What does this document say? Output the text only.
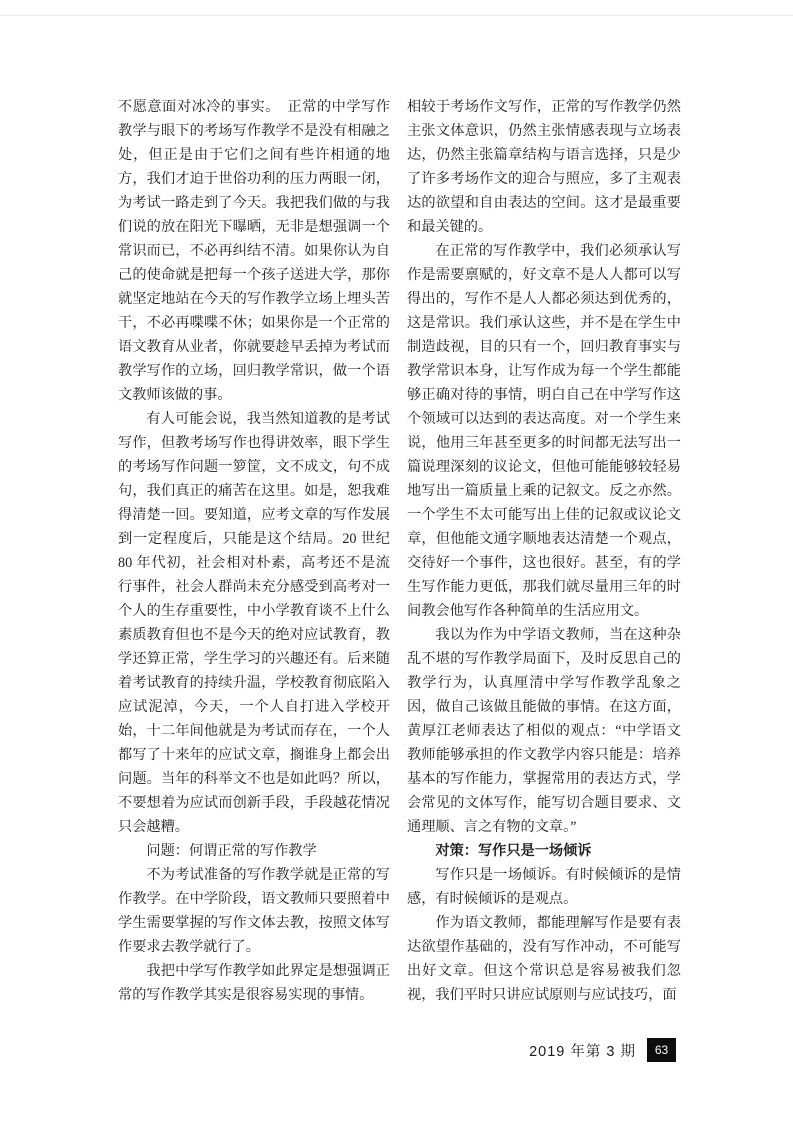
不愿意面对冰冷的事实。　正常的中学写作教学与眼下的考场写作教学不是没有相融之处，但正是由于它们之间有些许相通的地方，我们才迫于世俗功利的压力两眼一闭，为考试一路走到了今天。我把我们做的与我们说的放在阳光下曝晒，无非是想强调一个常识而已，不必再纠结不清。如果你认为自己的使命就是把每一个孩子送进大学，那你就坚定地站在今天的写作教学立场上埋头苦干，不必再喋喋不休；如果你是一个正常的语文教育从业者，你就要趁早丢掉为考试而教学写作的立场，回归教学常识，做一个语文教师该做的事。

有人可能会说，我当然知道教的是考试写作，但教考场写作也得讲效率，眼下学生的考场写作问题一箩筐，文不成文，句不成句，我们真正的痛苦在这里。如是，恕我难得清楚一回。要知道，应考文章的写作发展到一定程度后，只能是这个结局。20 世纪 80 年代初，社会相对朴素，高考还不是流行事件，社会人群尚未充分感受到高考对一个人的生存重要性，中小学教育谈不上什么素质教育但也不是今天的绝对应试教育，教学还算正常，学生学习的兴趣还有。后来随着考试教育的持续升温，学校教育彻底陷入应试泥淖，今天，一个人自打进入学校开始，十二年间他就是为考试而存在，一个人都写了十来年的应试文章，搁谁身上都会出问题。当年的科举文不也是如此吗？所以，不要想着为应试而创新手段，手段越花情况只会越糟。

问题：何谓正常的写作教学

不为考试准备的写作教学就是正常的写作教学。在中学阶段，语文教师只要照着中学生需要掌握的写作文体去教，按照文体写作要求去教学就行了。

我把中学写作教学如此界定是想强调正常的写作教学其实是很容易实现的事情。

相较于考场作文写作，正常的写作教学仍然主张文体意识，仍然主张情感表现与立场表达，仍然主张篇章结构与语言选择，只是少了许多考场作文的迎合与照应，多了主观表达的欲望和自由表达的空间。这才是最重要和最关键的。

在正常的写作教学中，我们必须承认写作是需要禀赋的，好文章不是人人都可以写得出的，写作不是人人都必须达到优秀的，这是常识。我们承认这些，并不是在学生中制造歧视，目的只有一个，回归教育事实与教学常识本身，让写作成为每一个学生都能够正确对待的事情，明白自己在中学写作这个领域可以达到的表达高度。对一个学生来说，他用三年甚至更多的时间都无法写出一篇说理深刻的议论文，但他可能能够较轻易地写出一篇质量上乘的记叙文。反之亦然。一个学生不太可能写出上佳的记叙或议论文章，但他能文通字顺地表达清楚一个观点，交待好一个事件，这也很好。甚至，有的学生写作能力更低，那我们就尽量用三年的时间教会他写作各种简单的生活应用文。

我以为作为中学语文教师，当在这种杂乱不堪的写作教学局面下，及时反思自己的教学行为，认真厘清中学写作教学乱象之因，做自己该做且能做的事情。在这方面，黄厚江老师表达了相似的观点：“中学语文教师能够承担的作文教学内容只能是：培养基本的写作能力，掌握常用的表达方式，学会常见的文体写作，能写切合题目要求、文通理顺、言之有物的文章。”

对策：写作只是一场倾诉

写作只是一场倾诉。有时候倾诉的是情感，有时候倾诉的是观点。

作为语文教师，都能理解写作是要有表达欲望作基础的，没有写作冲动，不可能写出好文章。但这个常识总是容易被我们忽视，我们平时只讲应试原则与应试技巧，面

2019 年第 3 期	63
